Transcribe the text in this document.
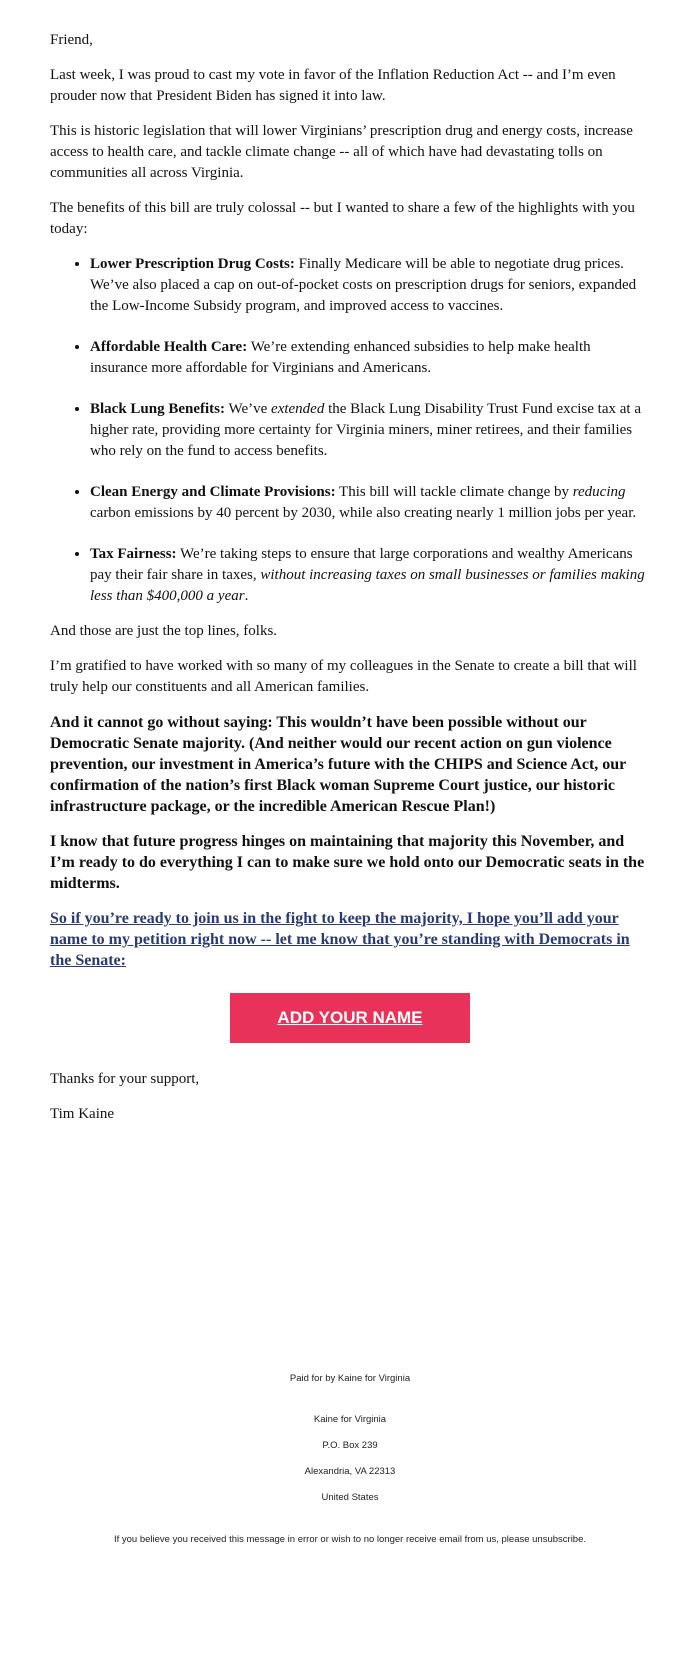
Friend,

Last week, I was proud to cast my vote in favor of the Inflation Reduction Act -- and I’m even prouder now that President Biden has signed it into law.

This is historic legislation that will lower Virginians’ prescription drug and energy costs, increase access to health care, and tackle climate change -- all of which have had devastating tolls on communities all across Virginia.

The benefits of this bill are truly colossal -- but I wanted to share a few of the highlights with you today:

• Lower Prescription Drug Costs: Finally Medicare will be able to negotiate drug prices. We’ve also placed a cap on out-of-pocket costs on prescription drugs for seniors, expanded the Low-Income Subsidy program, and improved access to vaccines.
• Affordable Health Care: We’re extending enhanced subsidies to help make health insurance more affordable for Virginians and Americans.
• Black Lung Benefits: We’ve extended the Black Lung Disability Trust Fund excise tax at a higher rate, providing more certainty for Virginia miners, miner retirees, and their families who rely on the fund to access benefits.
• Clean Energy and Climate Provisions: This bill will tackle climate change by reducing carbon emissions by 40 percent by 2030, while also creating nearly 1 million jobs per year.
• Tax Fairness: We’re taking steps to ensure that large corporations and wealthy Americans pay their fair share in taxes, without increasing taxes on small businesses or families making less than $400,000 a year.

And those are just the top lines, folks.

I’m gratified to have worked with so many of my colleagues in the Senate to create a bill that will truly help our constituents and all American families.

And it cannot go without saying: This wouldn’t have been possible without our Democratic Senate majority. (And neither would our recent action on gun violence prevention, our investment in America’s future with the CHIPS and Science Act, our confirmation of the nation’s first Black woman Supreme Court justice, our historic infrastructure package, or the incredible American Rescue Plan!)

I know that future progress hinges on maintaining that majority this November, and I’m ready to do everything I can to make sure we hold onto our Democratic seats in the midterms.

So if you’re ready to join us in the fight to keep the majority, I hope you’ll add your name to my petition right now -- let me know that you’re standing with Democrats in the Senate:
ADD YOUR NAME

Thanks for your support,

Tim Kaine

Paid for by Kaine for Virginia
Kaine for Virginia
P.O. Box 239
Alexandria, VA 22313
United States
If you believe you received this message in error or wish to no longer receive email from us, please unsubscribe.
